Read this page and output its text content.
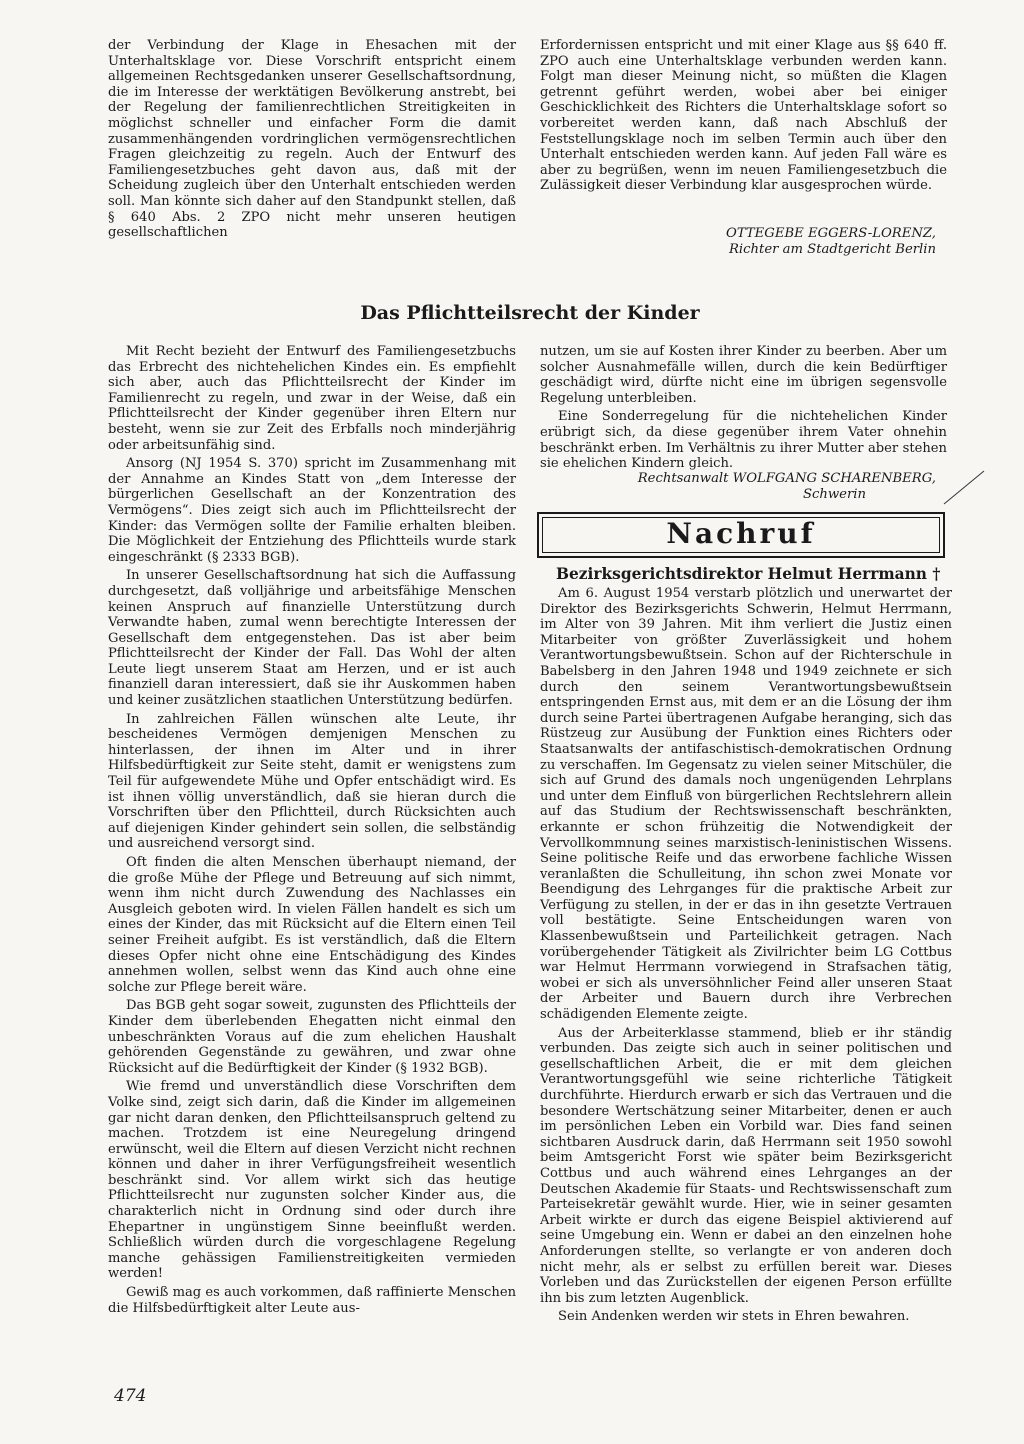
der Verbindung der Klage in Ehesachen mit der Unterhaltsklage vor. Diese Vorschrift entspricht einem allgemeinen Rechtsgedanken unserer Gesellschaftsordnung, die im Interesse der werktätigen Bevölkerung anstrebt, bei der Regelung der familienrechtlichen Streitigkeiten in möglichst schneller und einfacher Form die damit zusammenhängenden vordringlichen vermögensrechtlichen Fragen gleichzeitig zu regeln. Auch der Entwurf des Familiengesetzbuches geht davon aus, daß mit der Scheidung zugleich über den Unterhalt entschieden werden soll. Man könnte sich daher auf den Standpunkt stellen, daß § 640 Abs. 2 ZPO nicht mehr unseren heutigen gesellschaftlichen

Erfordernissen entspricht und mit einer Klage aus §§ 640 ff. ZPO auch eine Unterhaltsklage verbunden werden kann. Folgt man dieser Meinung nicht, so müßten die Klagen getrennt geführt werden, wobei aber bei einiger Geschicklichkeit des Richters die Unterhaltsklage sofort so vorbereitet werden kann, daß nach Abschluß der Feststellungsklage noch im selben Termin auch über den Unterhalt entschieden werden kann. Auf jeden Fall wäre es aber zu begrüßen, wenn im neuen Familiengesetzbuch die Zulässigkeit dieser Verbindung klar ausgesprochen würde.

OTTEGEBE EGGERS-LORENZ,
Richter am Stadtgericht Berlin
Das Pflichtteilsrecht der Kinder

Mit Recht bezieht der Entwurf des Familiengesetzbuchs das Erbrecht des nichtehelichen Kindes ein. Es empfiehlt sich aber, auch das Pflichtteilsrecht der Kinder im Familienrecht zu regeln, und zwar in der Weise, daß ein Pflichtteilsrecht der Kinder gegenüber ihren Eltern nur besteht, wenn sie zur Zeit des Erbfalls noch minderjährig oder arbeitsunfähig sind.

Ansorg (NJ 1954 S. 370) spricht im Zusammenhang mit der Annahme an Kindes Statt von „dem Interesse der bürgerlichen Gesellschaft an der Konzentration des Vermögens“. Dies zeigt sich auch im Pflichtteilsrecht der Kinder: das Vermögen sollte der Familie erhalten bleiben. Die Möglichkeit der Entziehung des Pflichtteils wurde stark eingeschränkt (§ 2333 BGB).

In unserer Gesellschaftsordnung hat sich die Auffassung durchgesetzt, daß volljährige und arbeitsfähige Menschen keinen Anspruch auf finanzielle Unterstützung durch Verwandte haben, zumal wenn berechtigte Interessen der Gesellschaft dem entgegenstehen. Das ist aber beim Pflichtteilsrecht der Kinder der Fall. Das Wohl der alten Leute liegt unserem Staat am Herzen, und er ist auch finanziell daran interessiert, daß sie ihr Auskommen haben und keiner zusätzlichen staatlichen Unterstützung bedürfen.

In zahlreichen Fällen wünschen alte Leute, ihr bescheidenes Vermögen demjenigen Menschen zu hinterlassen, der ihnen im Alter und in ihrer Hilfsbedürftigkeit zur Seite steht, damit er wenigstens zum Teil für aufgewendete Mühe und Opfer entschädigt wird. Es ist ihnen völlig unverständlich, daß sie hieran durch die Vorschriften über den Pflichtteil, durch Rücksichten auch auf diejenigen Kinder gehindert sein sollen, die selbständig und ausreichend versorgt sind.

Oft finden die alten Menschen überhaupt niemand, der die große Mühe der Pflege und Betreuung auf sich nimmt, wenn ihm nicht durch Zuwendung des Nachlasses ein Ausgleich geboten wird. In vielen Fällen handelt es sich um eines der Kinder, das mit Rücksicht auf die Eltern einen Teil seiner Freiheit aufgibt. Es ist verständlich, daß die Eltern dieses Opfer nicht ohne eine Entschädigung des Kindes annehmen wollen, selbst wenn das Kind auch ohne eine solche zur Pflege bereit wäre.

Das BGB geht sogar soweit, zugunsten des Pflichtteils der Kinder dem überlebenden Ehegatten nicht einmal den unbeschränkten Voraus auf die zum ehelichen Haushalt gehörenden Gegenstände zu gewähren, und zwar ohne Rücksicht auf die Bedürftigkeit der Kinder (§ 1932 BGB).

Wie fremd und unverständlich diese Vorschriften dem Volke sind, zeigt sich darin, daß die Kinder im allgemeinen gar nicht daran denken, den Pflichtteilsanspruch geltend zu machen. Trotzdem ist eine Neuregelung dringend erwünscht, weil die Eltern auf diesen Verzicht nicht rechnen können und daher in ihrer Verfügungsfreiheit wesentlich beschränkt sind. Vor allem wirkt sich das heutige Pflichtteilsrecht nur zugunsten solcher Kinder aus, die charakterlich nicht in Ordnung sind oder durch ihre Ehepartner in ungünstigem Sinne beeinflußt werden. Schließlich würden durch die vorgeschlagene Regelung manche gehässigen Familienstreitigkeiten vermieden werden!

Gewiß mag es auch vorkommen, daß raffinierte Menschen die Hilfsbedürftigkeit alter Leute aus-

nutzen, um sie auf Kosten ihrer Kinder zu beerben. Aber um solcher Ausnahmefälle willen, durch die kein Bedürftiger geschädigt wird, dürfte nicht eine im übrigen segensvolle Regelung unterbleiben.

Eine Sonderregelung für die nichtehelichen Kinder erübrigt sich, da diese gegenüber ihrem Vater ohnehin beschränkt erben. Im Verhältnis zu ihrer Mutter aber stehen sie ehelichen Kindern gleich.

Rechtsanwalt WOLFGANG SCHARENBERG,
Schwerin
Nachruf
Bezirksgerichtsdirektor Helmut Herrmann †

Am 6. August 1954 verstarb plötzlich und unerwartet der Direktor des Bezirksgerichts Schwerin, Helmut Herrmann, im Alter von 39 Jahren. Mit ihm verliert die Justiz einen Mitarbeiter von größter Zuverlässigkeit und hohem Verantwortungsbewußtsein. Schon auf der Richterschule in Babelsberg in den Jahren 1948 und 1949 zeichnete er sich durch den seinem Verantwortungsbewußtsein entspringenden Ernst aus, mit dem er an die Lösung der ihm durch seine Partei übertragenen Aufgabe heranging, sich das Rüstzeug zur Ausübung der Funktion eines Richters oder Staatsanwalts der antifaschistisch-demokratischen Ordnung zu verschaffen. Im Gegensatz zu vielen seiner Mitschüler, die sich auf Grund des damals noch ungenügenden Lehrplans und unter dem Einfluß von bürgerlichen Rechtslehrern allein auf das Studium der Rechtswissenschaft beschränkten, erkannte er schon frühzeitig die Notwendigkeit der Vervollkommnung seines marxistisch-leninistischen Wissens. Seine politische Reife und das erworbene fachliche Wissen veranlaßten die Schulleitung, ihn schon zwei Monate vor Beendigung des Lehrganges für die praktische Arbeit zur Verfügung zu stellen, in der er das in ihn gesetzte Vertrauen voll bestätigte. Seine Entscheidungen waren von Klassenbewußtsein und Parteilichkeit getragen. Nach vorübergehender Tätigkeit als Zivilrichter beim LG Cottbus war Helmut Herrmann vorwiegend in Strafsachen tätig, wobei er sich als unversöhnlicher Feind aller unseren Staat der Arbeiter und Bauern durch ihre Verbrechen schädigenden Elemente zeigte.

Aus der Arbeiterklasse stammend, blieb er ihr ständig verbunden. Das zeigte sich auch in seiner politischen und gesellschaftlichen Arbeit, die er mit dem gleichen Verantwortungsgefühl wie seine richterliche Tätigkeit durchführte. Hierdurch erwarb er sich das Vertrauen und die besondere Wertschätzung seiner Mitarbeiter, denen er auch im persönlichen Leben ein Vorbild war. Dies fand seinen sichtbaren Ausdruck darin, daß Herrmann seit 1950 sowohl beim Amtsgericht Forst wie später beim Bezirksgericht Cottbus und auch während eines Lehrganges an der Deutschen Akademie für Staats- und Rechtswissenschaft zum Parteisekretär gewählt wurde. Hier, wie in seiner gesamten Arbeit wirkte er durch das eigene Beispiel aktivierend auf seine Umgebung ein. Wenn er dabei an den einzelnen hohe Anforderungen stellte, so verlangte er von anderen doch nicht mehr, als er selbst zu erfüllen bereit war. Dieses Vorleben und das Zurückstellen der eigenen Person erfüllte ihn bis zum letzten Augenblick.

Sein Andenken werden wir stets in Ehren bewahren.

474
